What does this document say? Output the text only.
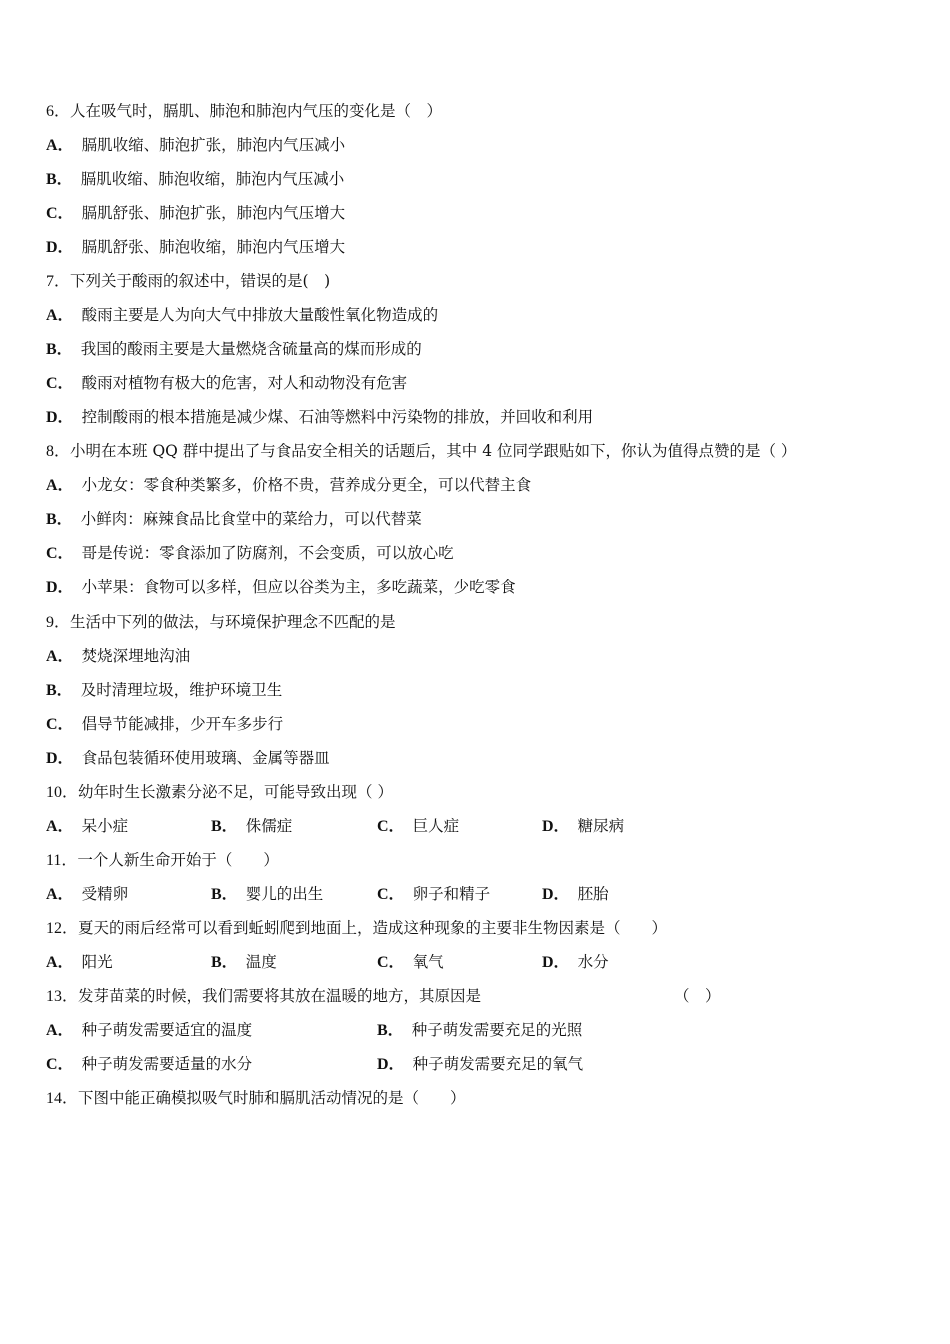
6．人在吸气时，膈肌、肺泡和肺泡内气压的变化是（　）
A． 膈肌收缩、肺泡扩张，肺泡内气压减小
B． 膈肌收缩、肺泡收缩，肺泡内气压减小
C． 膈肌舒张、肺泡扩张，肺泡内气压增大
D． 膈肌舒张、肺泡收缩，肺泡内气压增大
7．下列关于酸雨的叙述中，错误的是(　)
A． 酸雨主要是人为向大气中排放大量酸性氧化物造成的
B． 我国的酸雨主要是大量燃烧含硫量高的煤而形成的
C． 酸雨对植物有极大的危害，对人和动物没有危害
D． 控制酸雨的根本措施是减少煤、石油等燃料中污染物的排放，并回收和利用
8．小明在本班 QQ 群中提出了与食品安全相关的话题后，其中 4 位同学跟贴如下，你认为值得点赞的是（ ）
A． 小龙女：零食种类繁多，价格不贵，营养成分更全，可以代替主食
B． 小鲜肉：麻辣食品比食堂中的菜给力，可以代替菜
C． 哥是传说：零食添加了防腐剂，不会变质，可以放心吃
D． 小苹果：食物可以多样，但应以谷类为主，多吃蔬菜，少吃零食
9．生活中下列的做法，与环境保护理念不匹配的是
A． 焚烧深埋地沟油
B． 及时清理垃圾，维护环境卫生
C． 倡导节能减排，少开车多步行
D． 食品包装循环使用玻璃、金属等器皿
10．幼年时生长激素分泌不足，可能导致出现（ ）
A． 呆小症	B． 侏儒症	C． 巨人症	D． 糖尿病
11．一个人新生命开始于（　　）
A． 受精卵	B． 婴儿的出生	C． 卵子和精子	D． 胚胎
12．夏天的雨后经常可以看到蚯蚓爬到地面上，造成这种现象的主要非生物因素是（　　）
A． 阳光	B． 温度	C． 氧气	D． 水分
13．发芽苗菜的时候，我们需要将其放在温暖的地方，其原因是	（　）
A． 种子萌发需要适宜的温度	B． 种子萌发需要充足的光照
C． 种子萌发需要适量的水分	D． 种子萌发需要充足的氧气
14．下图中能正确模拟吸气时肺和膈肌活动情况的是（　　）
